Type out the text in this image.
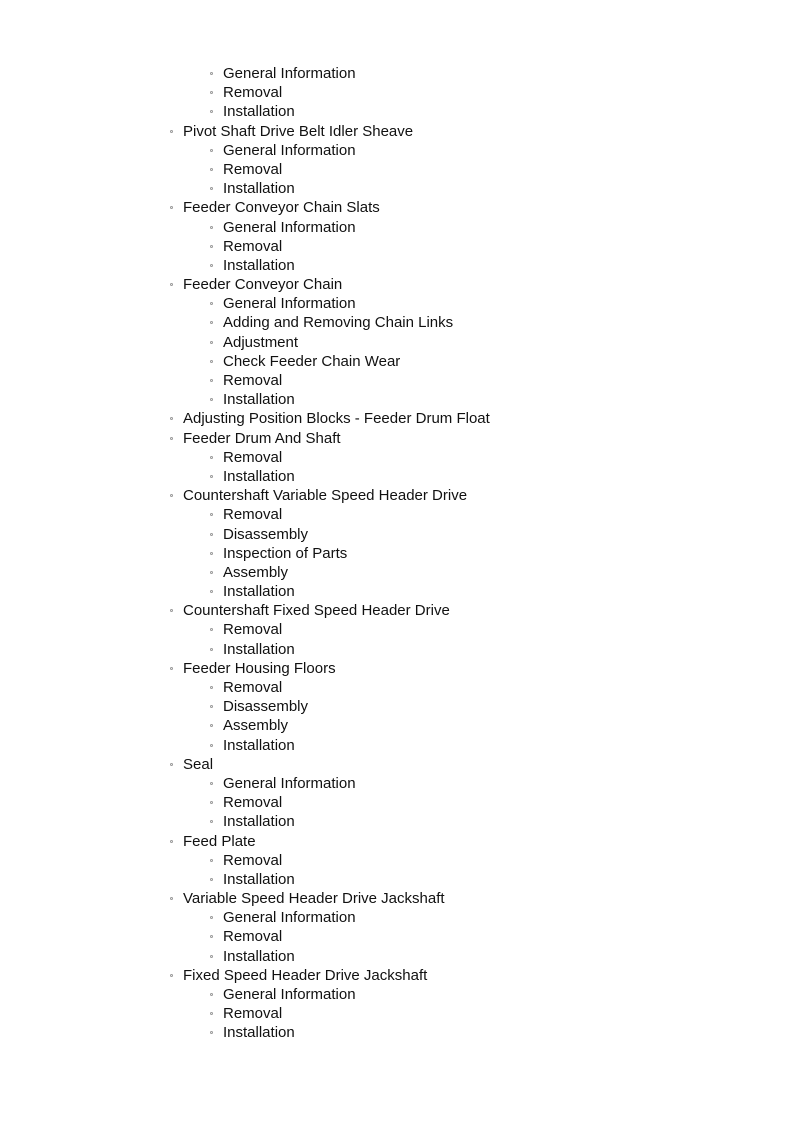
General Information
Removal
Installation
Pivot Shaft Drive Belt Idler Sheave
General Information
Removal
Installation
Feeder Conveyor Chain Slats
General Information
Removal
Installation
Feeder Conveyor Chain
General Information
Adding and Removing Chain Links
Adjustment
Check Feeder Chain Wear
Removal
Installation
Adjusting Position Blocks - Feeder Drum Float
Feeder Drum And Shaft
Removal
Installation
Countershaft Variable Speed Header Drive
Removal
Disassembly
Inspection of Parts
Assembly
Installation
Countershaft Fixed Speed Header Drive
Removal
Installation
Feeder Housing Floors
Removal
Disassembly
Assembly
Installation
Seal
General Information
Removal
Installation
Feed Plate
Removal
Installation
Variable Speed Header Drive Jackshaft
General Information
Removal
Installation
Fixed Speed Header Drive Jackshaft
General Information
Removal
Installation
